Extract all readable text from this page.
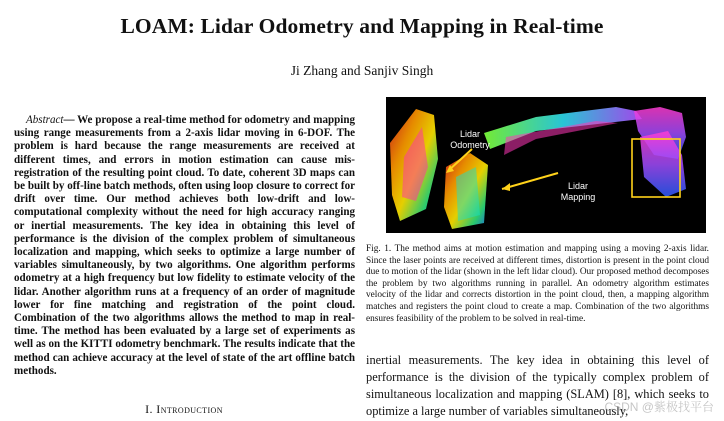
LOAM: Lidar Odometry and Mapping in Real-time
Ji Zhang and Sanjiv Singh
Abstract— We propose a real-time method for odometry and mapping using range measurements from a 2-axis lidar moving in 6-DOF. The problem is hard because the range measurements are received at different times, and errors in motion estimation can cause mis-registration of the resulting point cloud. To date, coherent 3D maps can be built by off-line batch methods, often using loop closure to correct for drift over time. Our method achieves both low-drift and low-computational complexity without the need for high accuracy ranging or inertial measurements. The key idea in obtaining this level of performance is the division of the complex problem of simultaneous localization and mapping, which seeks to optimize a large number of variables simultaneously, by two algorithms. One algorithm performs odometry at a high frequency but low fidelity to estimate velocity of the lidar. Another algorithm runs at a frequency of an order of magnitude lower for fine matching and registration of the point cloud. Combination of the two algorithms allows the method to map in real-time. The method has been evaluated by a large set of experiments as well as on the KITTI odometry benchmark. The results indicate that the method can achieve accuracy at the level of state of the art offline batch methods.
I. Introduction
Lidar
Odometry
Lidar
Mapping
Fig. 1. The method aims at motion estimation and mapping using a moving 2-axis lidar. Since the laser points are received at different times, distortion is present in the point cloud due to motion of the lidar (shown in the left lidar cloud). Our proposed method decomposes the problem by two algorithms running in parallel. An odometry algorithm estimates velocity of the lidar and corrects distortion in the point cloud, then, a mapping algorithm matches and registers the point cloud to create a map. Combination of the two algorithms ensures feasibility of the problem to be solved in real-time.
inertial measurements. The key idea in obtaining this level of performance is the division of the typically complex problem of simultaneous localization and mapping (SLAM) [8], which seeks to optimize a large number of variables simultaneously,
CSDN @紫极找平台
